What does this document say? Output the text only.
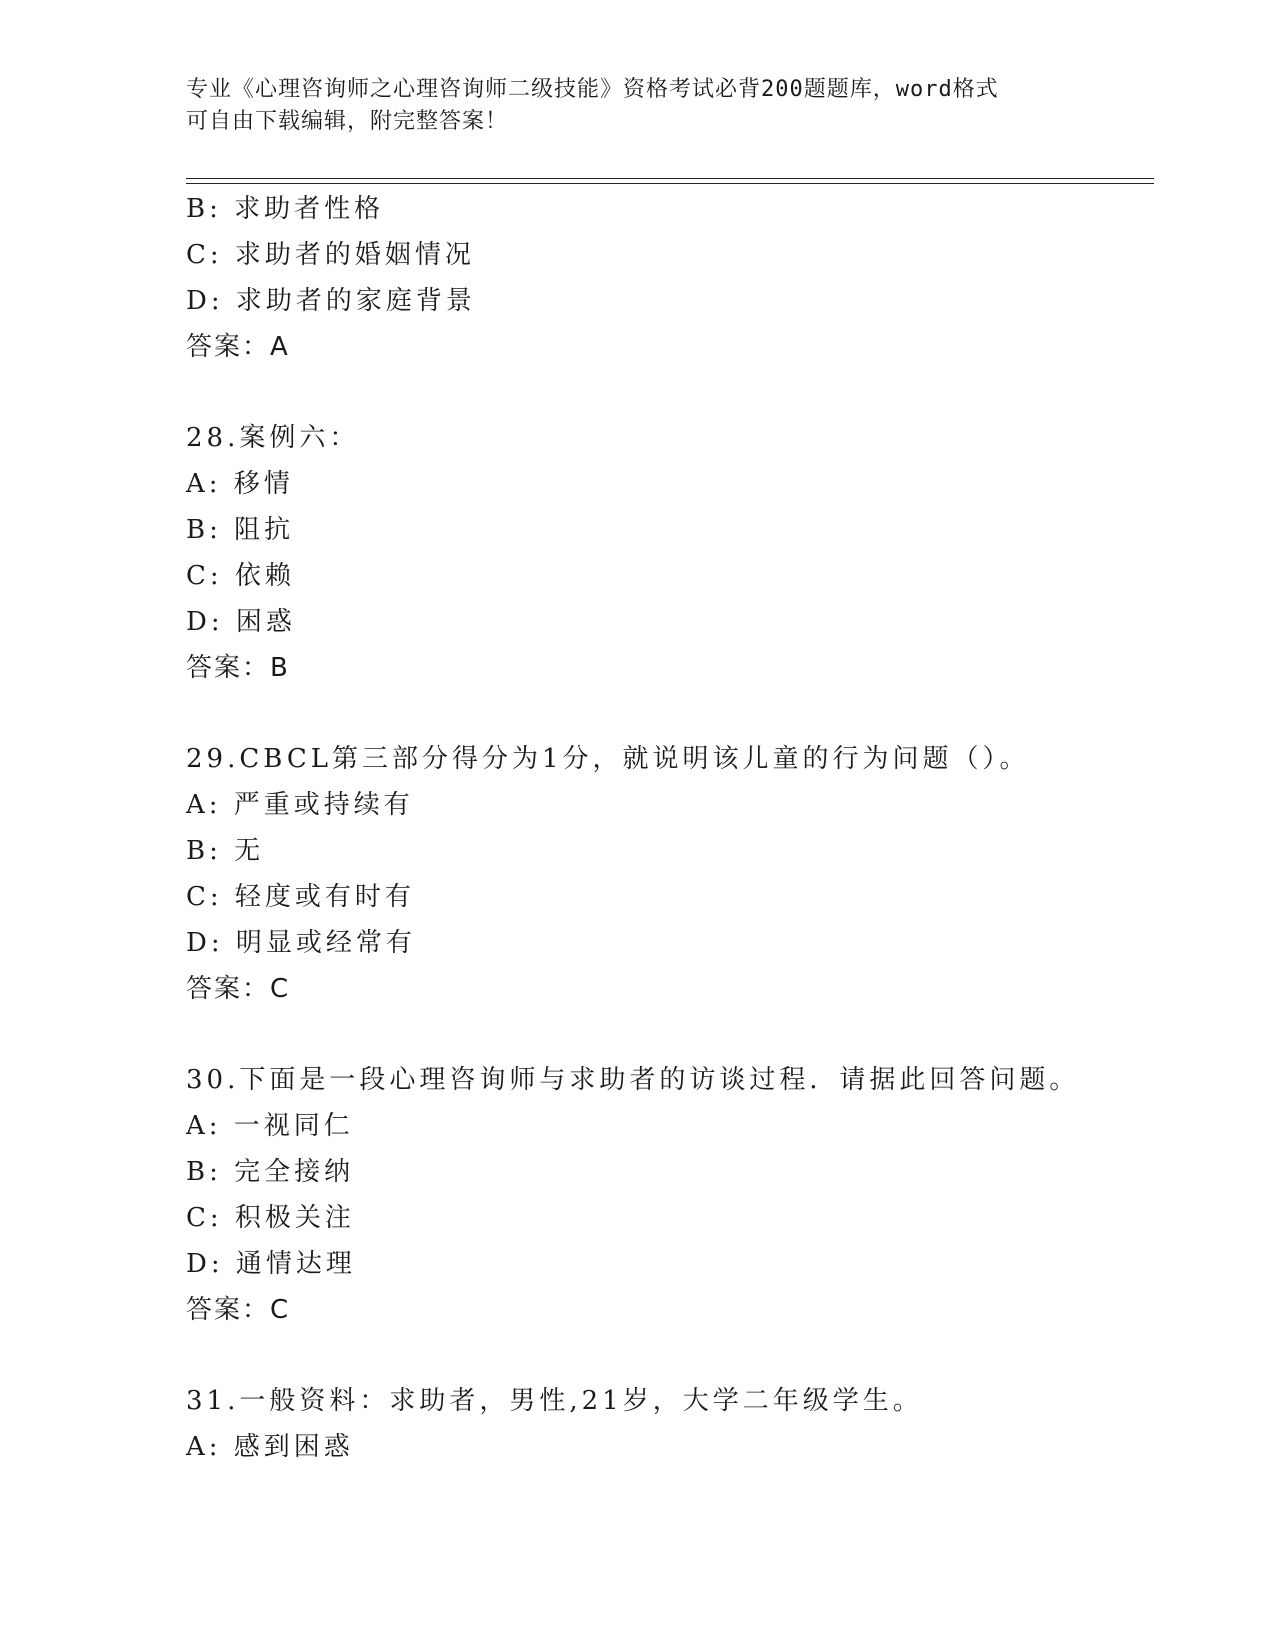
专业《心理咨询师之心理咨询师二级技能》资格考试必背200题题库，word格式
可自由下载编辑，附完整答案！
B: 求助者性格
C: 求助者的婚姻情况
D: 求助者的家庭背景
答案：A
28.案例六：
A: 移情
B: 阻抗
C: 依赖
D: 困惑
答案：B
29.CBCL第三部分得分为1分，就说明该儿童的行为问题（）。
A: 严重或持续有
B: 无
C: 轻度或有时有
D: 明显或经常有
答案：C
30.下面是一段心理咨询师与求助者的访谈过程．请据此回答问题。
A: 一视同仁
B: 完全接纳
C: 积极关注
D: 通情达理
答案：C
31.一般资料：求助者，男性,21岁，大学二年级学生。
A: 感到困惑
